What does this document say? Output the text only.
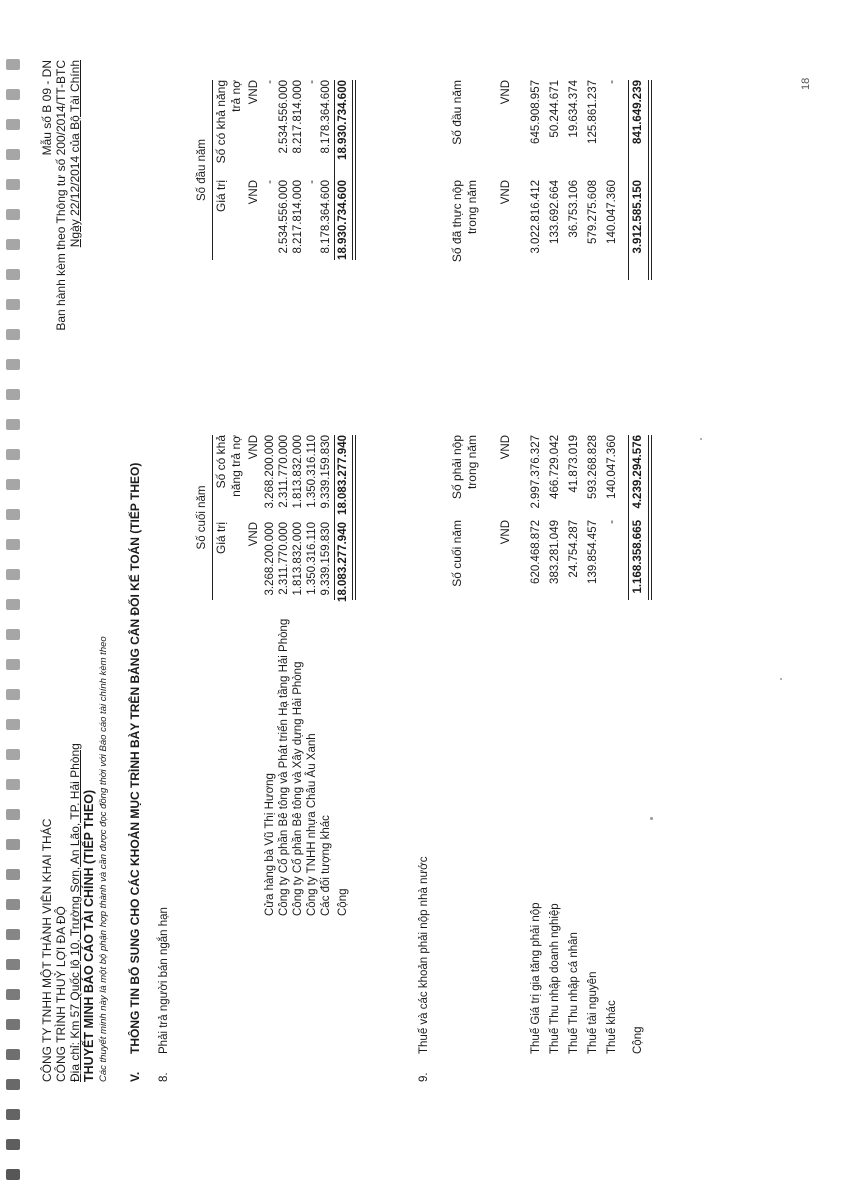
CÔNG TY TNHH MỘT THÀNH VIÊN KHAI THÁC CÔNG TRÌNH THUỶ LỢI ĐA ĐỘ Địa chỉ: Km 57 Quốc lộ 10, Trường Sơn, An Lão, TP. Hải Phòng THUYẾT MINH BÁO CÁO TÀI CHÍNH (TIẾP THEO) Các thuyết minh này là một bộ phận hợp thành và cần được đọc đồng thời với Báo cáo tài chính kèm theo
Mẫu số B 09 - DN Ban hành kèm theo Thông tư số 200/2014/TT-BTC Ngày 22/12/2014 của Bộ Tài Chính
V.
THÔNG TIN BỔ SUNG CHO CÁC KHOẢN MỤC TRÌNH BÀY TRÊN BẢNG CÂN ĐỐI KẾ TOÁN (TIẾP THEO)
8.
Phải trả người bán ngắn hạn
Số cuối năm
Số đầu năm
Giá trị
Số có khả năng trả nợ
Giá trị
Số có khả năng trả nợ
VND
VND
VND
VND
Cửa hàng bà Vũ Thị Hương
3.268.200.000
3.268.200.000
-
-
Công ty Cổ phần Bê tông và Phát triển Hạ tầng Hải Phòng
2.311.770.000
2.311.770.000
2.534.556.000
2.534.556.000
Công ty Cổ phần Bê tông và Xây dựng Hải Phòng
1.813.832.000
1.813.832.000
8.217.814.000
8.217.814.000
Công ty TNHH nhựa Châu Âu Xanh
1.350.316.110
1.350.316.110
-
-
Các đối tượng khác
9.339.159.830
9.339.159.830
8.178.364.600
8.178.364.600
Cộng
18.083.277.940
18.083.277.940
18.930.734.600
18.930.734.600
9.
Thuế và các khoản phải nộp nhà nước
Số cuối năm
Số phải nộp trong năm
Số đã thực nộp trong năm
Số đầu năm
VND
VND
VND
VND
Thuế Giá trị gia tăng phải nộp
620.468.872
2.997.376.327
3.022.816.412
645.908.957
Thuế Thu nhập doanh nghiệp
383.281.049
466.729.042
133.692.664
50.244.671
Thuế Thu nhập cá nhân
24.754.287
41.873.019
36.753.106
19.634.374
Thuế tài nguyên
139.854.457
593.268.828
579.275.608
125.861.237
Thuế khác
-
140.047.360
140.047.360
-
Cộng
1.168.358.665
4.239.294.576
3.912.585.150
841.649.239	18
